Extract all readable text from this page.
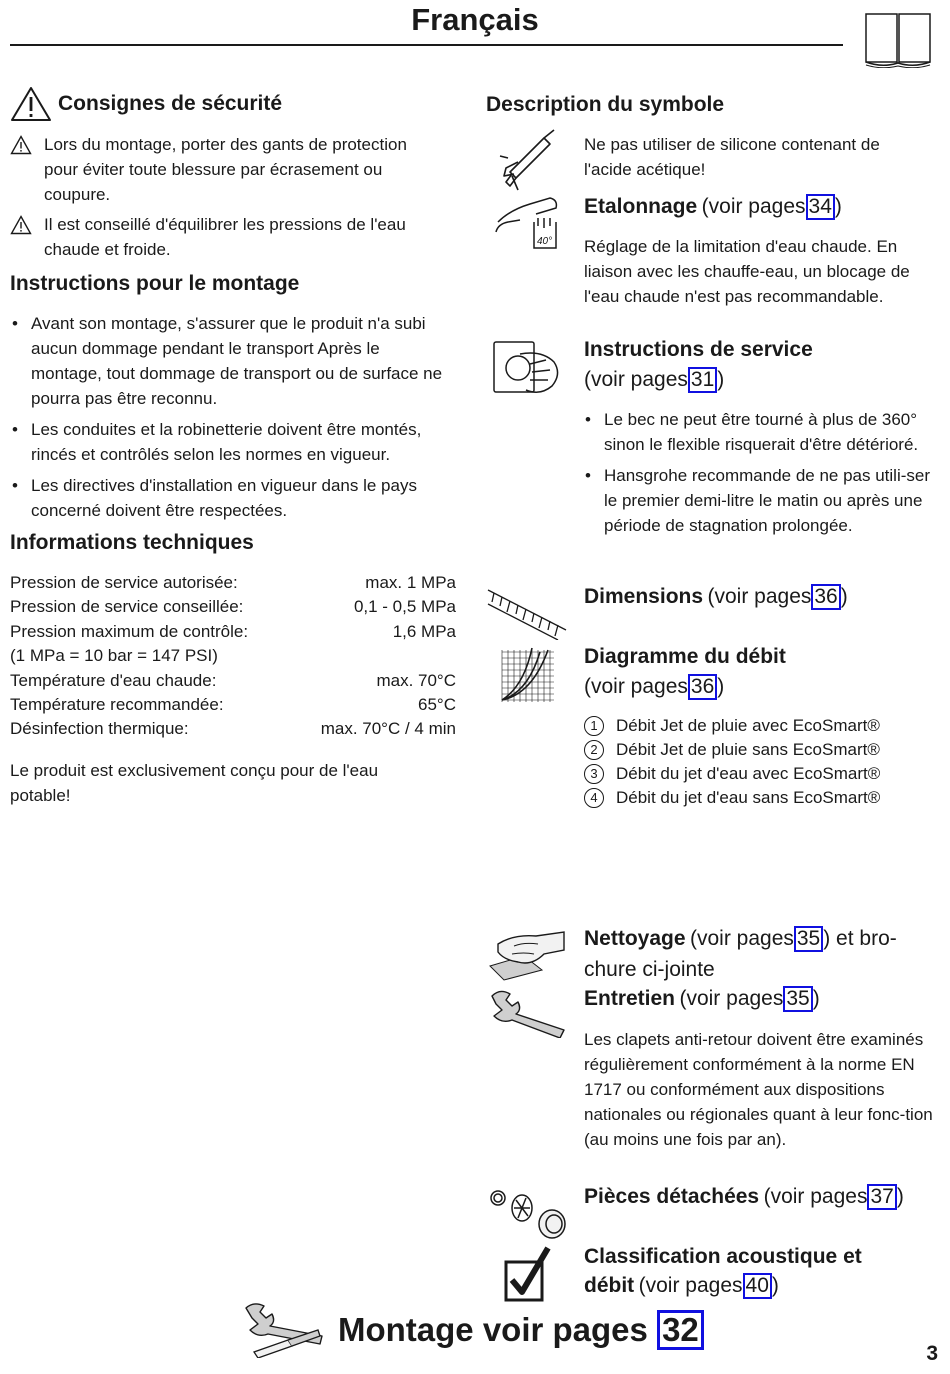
Français
Consignes de sécurité
Lors du montage, porter des gants de protection pour éviter toute blessure par écrasement ou coupure.
Il est conseillé d'équilibrer les pressions de l'eau chaude et froide.
Instructions pour le montage
• Avant son montage, s'assurer que le produit n'a subi aucun dommage pendant le transport Après le montage, tout dommage de transport ou de surface ne pourra pas être reconnu.
• Les conduites et la robinetterie doivent être montés, rincés et contrôlés selon les normes en vigueur.
• Les directives d'installation en vigueur dans le pays concerné doivent être respectées.
Informations techniques
Pression de service autorisée:	max. 1 MPa
Pression de service conseillée:	0,1 - 0,5 MPa
Pression maximum de contrôle:	1,6 MPa
(1 MPa = 10 bar = 147 PSI)
Température d'eau chaude:	max. 70°C
Température recommandée:	65°C
Désinfection thermique:	max. 70°C / 4 min
Le produit est exclusivement conçu pour de l'eau potable!
Description du symbole
Ne pas utiliser de silicone contenant de l'acide acétique!
40°
Etalonnage (voir pages 34 )
Réglage de la limitation d'eau chaude. En liaison avec les chauffe-eau, un blocage de l'eau chaude n'est pas recommandable.
Instructions de service
(voir pages 31 )
• Le bec ne peut être tourné à plus de 360° sinon le flexible risquerait d'être détérioré.
• Hansgrohe recommande de ne pas utili-ser le premier demi-litre le matin ou après une période de stagnation prolongée.
Dimensions (voir pages 36 )
Diagramme du débit
(voir pages 36 )
1 Débit Jet de pluie avec EcoSmart®
2 Débit Jet de pluie sans EcoSmart®
3 Débit du jet d'eau avec EcoSmart®
4 Débit du jet d'eau sans EcoSmart®
Nettoyage (voir pages 35 ) et bro-chure ci-jointe
Entretien (voir pages 35 )
Les clapets anti-retour doivent être examinés régulièrement conformément à la norme EN 1717 ou conformément aux dispositions nationales ou régionales quant à leur fonc-tion (au moins une fois par an).
Pièces détachées (voir pages 37 )
Classification acoustique et
débit (voir pages 40 )
Montage voir pages 32
3
